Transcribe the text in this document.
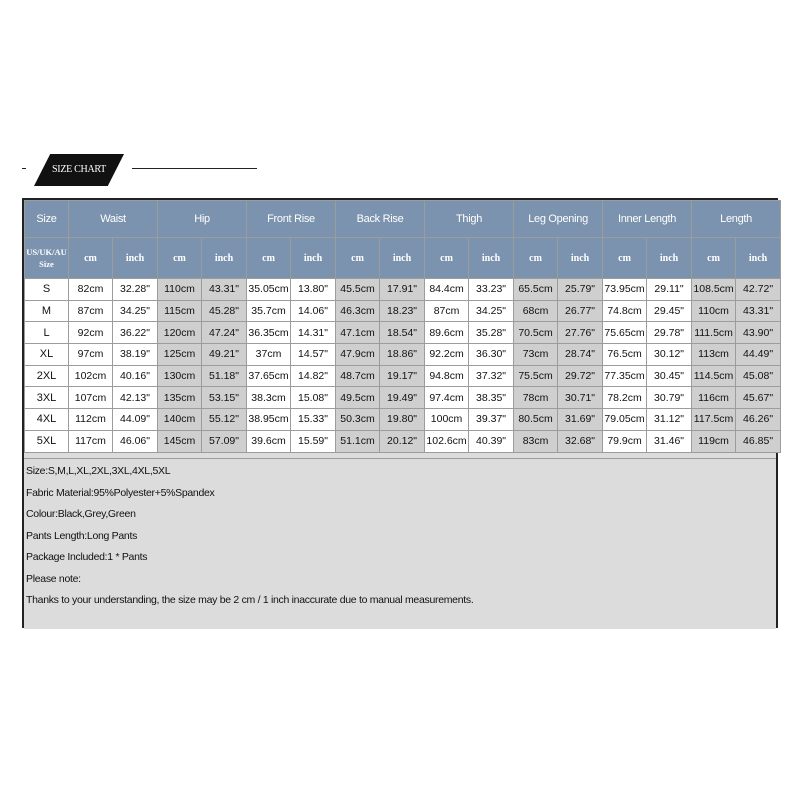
SIZE CHART
Size	Waist		Hip		Front Rise		Back Rise		Thigh		Leg Opening		Inner Length		Length	
US/UK/AU Size	cm	inch	cm	inch	cm	inch	cm	inch	cm	inch	cm	inch	cm	inch	cm	inch
S	82cm	32.28"	110cm	43.31"	35.05cm	13.80"	45.5cm	17.91"	84.4cm	33.23"	65.5cm	25.79"	73.95cm	29.11"	108.5cm	42.72"
M	87cm	34.25"	115cm	45.28"	35.7cm	14.06"	46.3cm	18.23"	87cm	34.25"	68cm	26.77"	74.8cm	29.45"	110cm	43.31"
L	92cm	36.22"	120cm	47.24"	36.35cm	14.31"	47.1cm	18.54"	89.6cm	35.28"	70.5cm	27.76"	75.65cm	29.78"	111.5cm	43.90"
XL	97cm	38.19"	125cm	49.21"	37cm	14.57"	47.9cm	18.86"	92.2cm	36.30"	73cm	28.74"	76.5cm	30.12"	113cm	44.49"
2XL	102cm	40.16"	130cm	51.18"	37.65cm	14.82"	48.7cm	19.17"	94.8cm	37.32"	75.5cm	29.72"	77.35cm	30.45"	114.5cm	45.08"
3XL	107cm	42.13"	135cm	53.15"	38.3cm	15.08"	49.5cm	19.49"	97.4cm	38.35"	78cm	30.71"	78.2cm	30.79"	116cm	45.67"
4XL	112cm	44.09"	140cm	55.12"	38.95cm	15.33"	50.3cm	19.80"	100cm	39.37"	80.5cm	31.69"	79.05cm	31.12"	117.5cm	46.26"
5XL	117cm	46.06"	145cm	57.09"	39.6cm	15.59"	51.1cm	20.12"	102.6cm	40.39"	83cm	32.68"	79.9cm	31.46"	119cm	46.85"
Size:S,M,L,XL,2XL,3XL,4XL,5XL
Fabric Material:95%Polyester+5%Spandex
Colour:Black,Grey,Green
Pants Length:Long Pants
Package Included:1 * Pants
Please note:
Thanks to your understanding, the size may be 2 cm / 1 inch inaccurate due to manual measurements.
